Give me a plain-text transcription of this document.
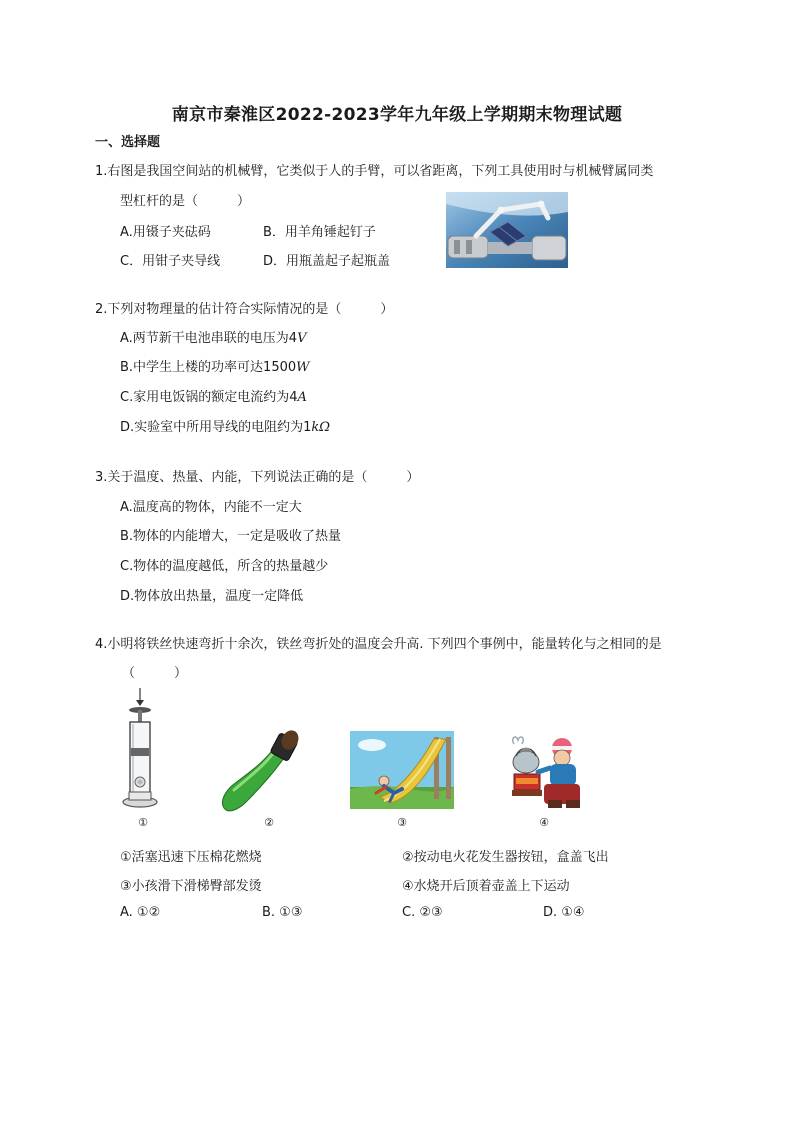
南京市秦淮区2022-2023学年九年级上学期期末物理试题
一、选择题
1.右图是我国空间站的机械臂，它类似于人的手臂，可以省距离，下列工具使用时与机械臂属同类
型杠杆的是（　　　）
A.用镊子夹砝码	B．用羊角锤起钉子
C．用钳子夹导线	D．用瓶盖起子起瓶盖
2.下列对物理量的估计符合实际情况的是（　　　）
A.两节新干电池串联的电压为4V
B.中学生上楼的功率可达1500W
C.家用电饭锅的额定电流约为4A
D.实验室中所用导线的电阻约为1kΩ
3.关于温度、热量、内能，下列说法正确的是（　　　）
A.温度高的物体，内能不一定大
B.物体的内能增大，一定是吸收了热量
C.物体的温度越低，所含的热量越少
D.物体放出热量，温度一定降低
4.小明将铁丝快速弯折十余次，铁丝弯折处的温度会升高. 下列四个事例中，能量转化与之相同的是
（　　　）
①	②	③	④
①活塞迅速下压棉花燃烧	②按动电火花发生器按钮，盒盖飞出
③小孩滑下滑梯臀部发烫	④水烧开后顶着壶盖上下运动
A. ①②	B. ①③	C. ②③	D. ①④
